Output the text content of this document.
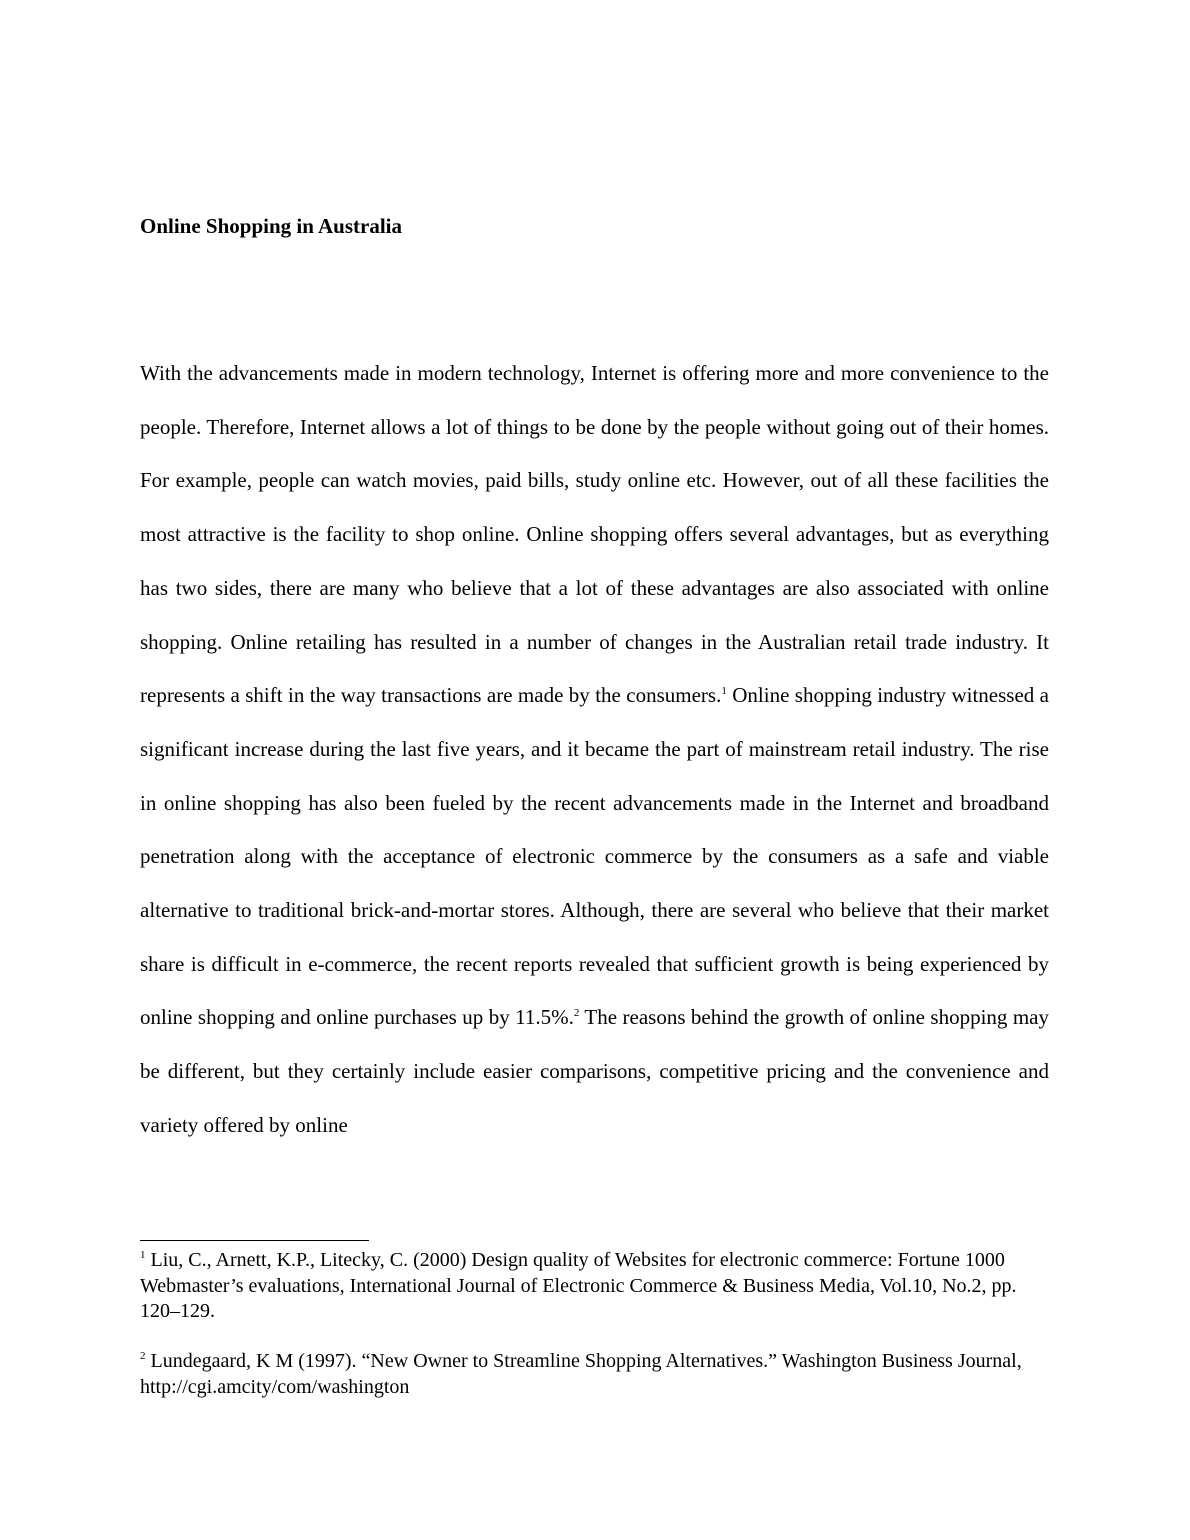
Online Shopping in Australia

With the advancements made in modern technology, Internet is offering more and more convenience to the people. Therefore, Internet allows a lot of things to be done by the people without going out of their homes. For example, people can watch movies, paid bills, study online etc. However, out of all these facilities the most attractive is the facility to shop online. Online shopping offers several advantages, but as everything has two sides, there are many who believe that a lot of these advantages are also associated with online shopping. Online retailing has resulted in a number of changes in the Australian retail trade industry. It represents a shift in the way transactions are made by the consumers.$^1$ Online shopping industry witnessed a significant increase during the last five years, and it became the part of mainstream retail industry. The rise in online shopping has also been fueled by the recent advancements made in the Internet and broadband penetration along with the acceptance of electronic commerce by the consumers as a safe and viable alternative to traditional brick-and-mortar stores. Although, there are several who believe that their market share is difficult in e-commerce, the recent reports revealed that sufficient growth is being experienced by online shopping and online purchases up by 11.5%.$^2$ The reasons behind the growth of online shopping may be different, but they certainly include easier comparisons, competitive pricing and the convenience and variety offered by online

$^1$ Liu, C., Arnett, K.P., Litecky, C. (2000) Design quality of Websites for electronic commerce: Fortune 1000 Webmaster’s evaluations, International Journal of Electronic Commerce & Business Media, Vol.10, No.2, pp. 120–129.

$^2$ Lundegaard, K M (1997). “New Owner to Streamline Shopping Alternatives.” Washington Business Journal, http://cgi.amcity/com/washington
